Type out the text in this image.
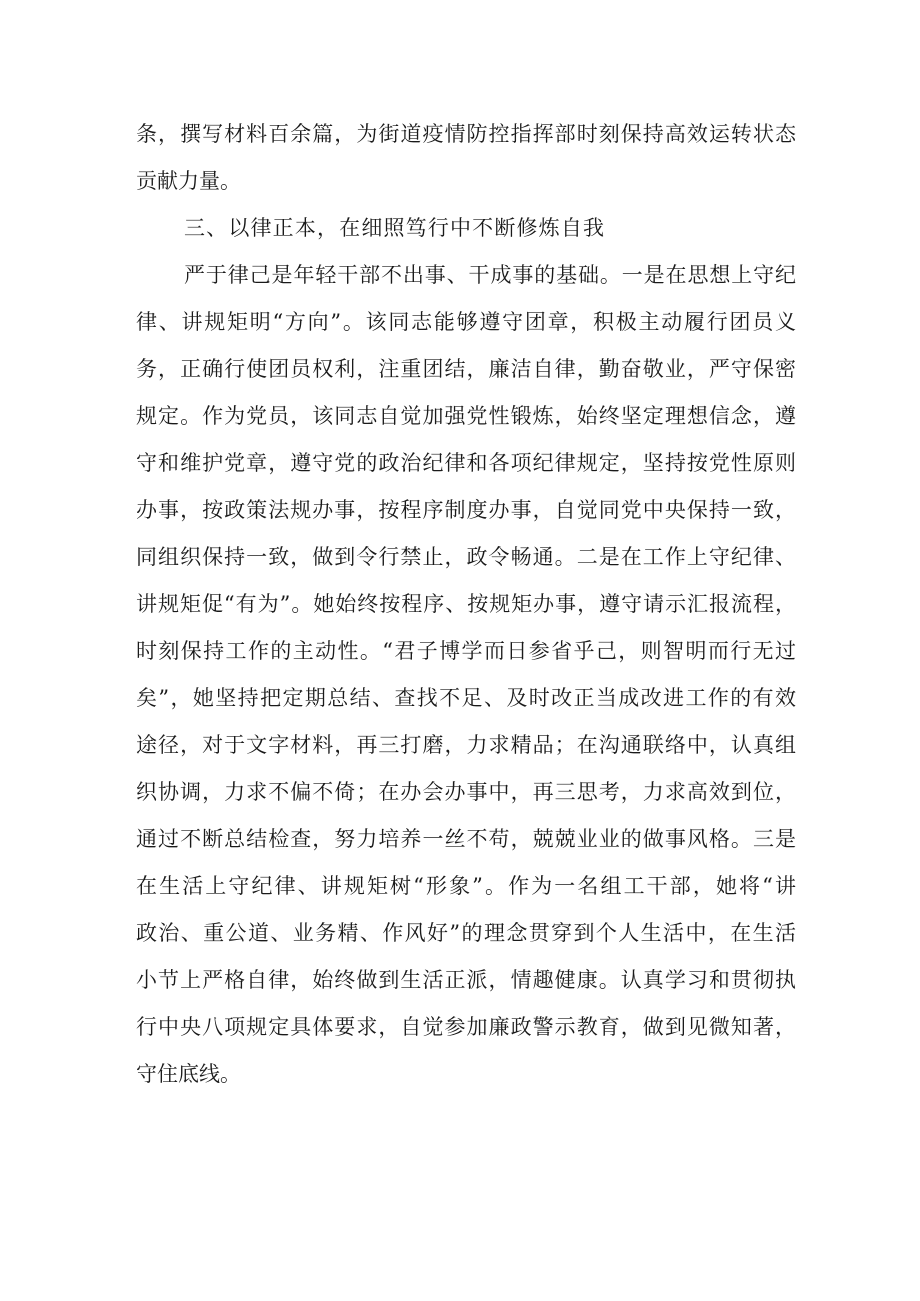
条，撰写材料百余篇，为街道疫情防控指挥部时刻保持高效运转状态
贡献力量。
三、以律正本，在细照笃行中不断修炼自我
严于律己是年轻干部不出事、干成事的基础。一是在思想上守纪
律、讲规矩明“方向”。该同志能够遵守团章，积极主动履行团员义
务，正确行使团员权利，注重团结，廉洁自律，勤奋敬业，严守保密
规定。作为党员，该同志自觉加强党性锻炼，始终坚定理想信念，遵
守和维护党章，遵守党的政治纪律和各项纪律规定，坚持按党性原则
办事，按政策法规办事，按程序制度办事，自觉同党中央保持一致，
同组织保持一致，做到令行禁止，政令畅通。二是在工作上守纪律、
讲规矩促“有为”。她始终按程序、按规矩办事，遵守请示汇报流程，
时刻保持工作的主动性。“君子博学而日参省乎己，则智明而行无过
矣”，她坚持把定期总结、查找不足、及时改正当成改进工作的有效
途径，对于文字材料，再三打磨，力求精品；在沟通联络中，认真组
织协调，力求不偏不倚；在办会办事中，再三思考，力求高效到位，
通过不断总结检查，努力培养一丝不苟，兢兢业业的做事风格。三是
在生活上守纪律、讲规矩树“形象”。作为一名组工干部，她将“讲
政治、重公道、业务精、作风好”的理念贯穿到个人生活中，在生活
小节上严格自律，始终做到生活正派，情趣健康。认真学习和贯彻执
行中央八项规定具体要求，自觉参加廉政警示教育，做到见微知著，
守住底线。
